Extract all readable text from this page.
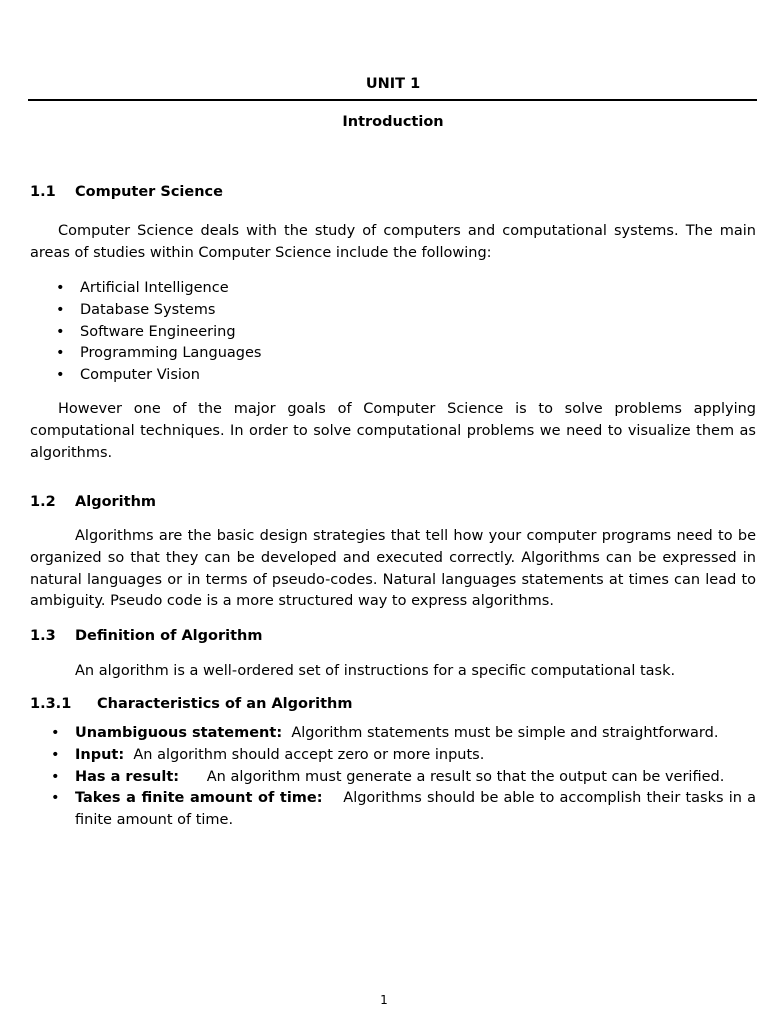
UNIT 1
Introduction
1.1 Computer Science
Computer Science deals with the study of computers and computational systems. The main areas of studies within Computer Science include the following:
• Artificial Intelligence
• Database Systems
• Software Engineering
• Programming Languages
• Computer Vision
However one of the major goals of Computer Science is to solve problems applying computational techniques. In order to solve computational problems we need to visualize them as algorithms.
1.2 Algorithm
Algorithms are the basic design strategies that tell how your computer programs need to be organized so that they can be developed and executed correctly. Algorithms can be expressed in natural languages or in terms of pseudo-codes. Natural languages statements at times can lead to ambiguity. Pseudo code is a more structured way to express algorithms.
1.3 Definition of Algorithm
An algorithm is a well-ordered set of instructions for a specific computational task.
1.3.1 Characteristics of an Algorithm
• Unambiguous statement: Algorithm statements must be simple and straightforward.
• Input: An algorithm should accept zero or more inputs.
• Has a result: An algorithm must generate a result so that the output can be verified.
• Takes a finite amount of time: Algorithms should be able to accomplish their tasks in a finite amount of time.
1
